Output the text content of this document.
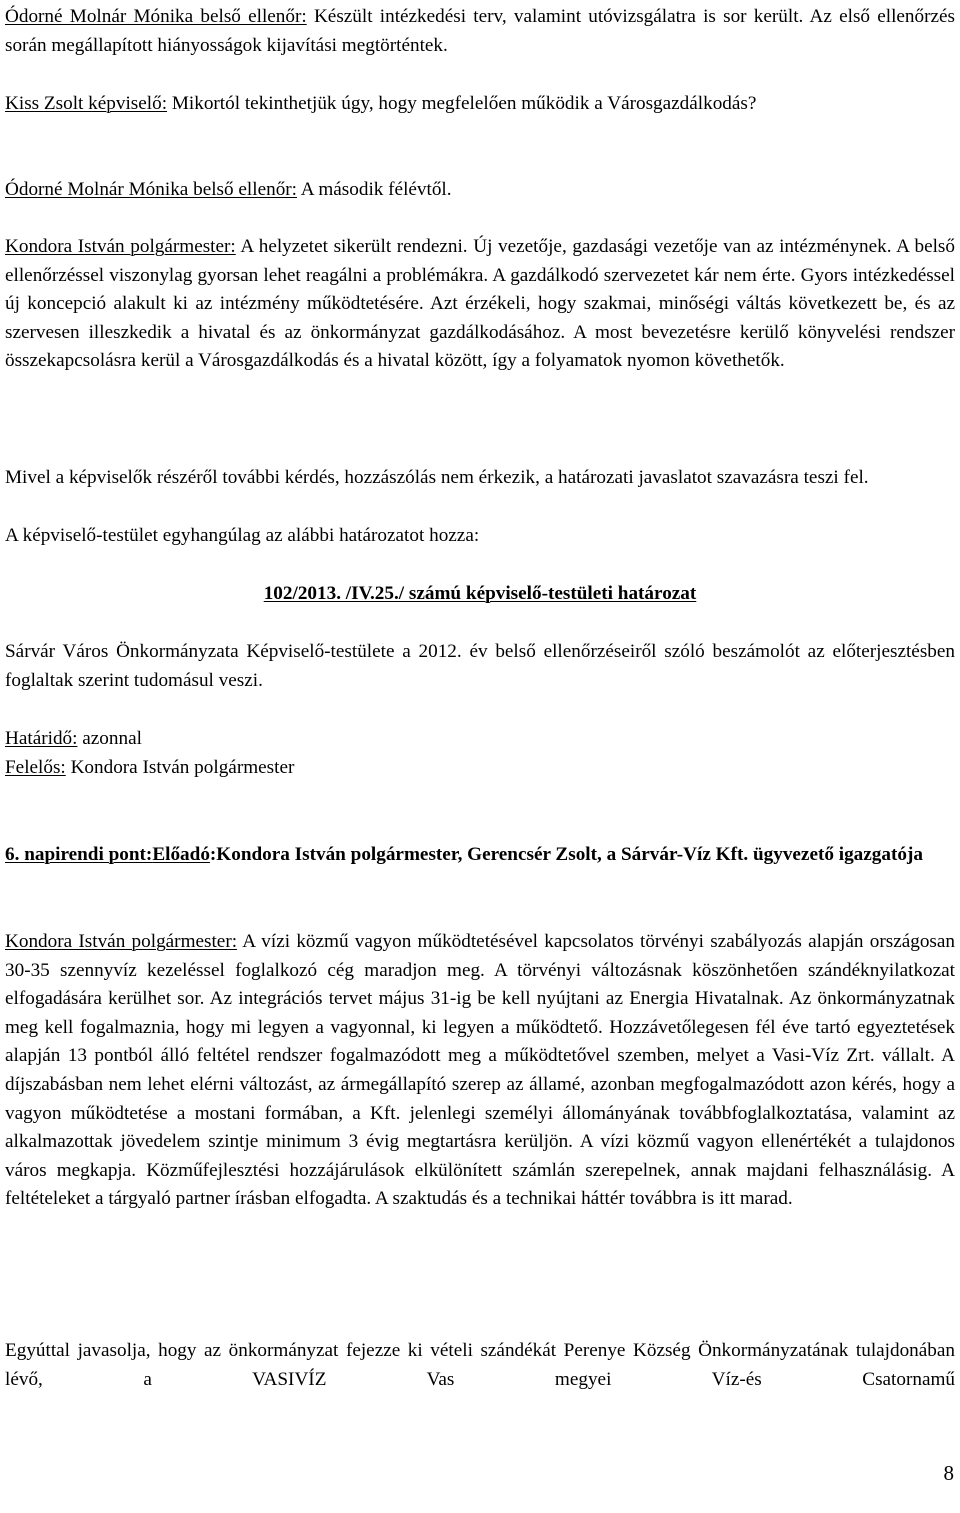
Ódorné Molnár Mónika belső ellenőr: Készült intézkedési terv, valamint utóvizsgálatra is sor került. Az első ellenőrzés során megállapított hiányosságok kijavítási megtörténtek.

Kiss Zsolt képviselő: Mikortól tekinthetjük úgy, hogy megfelelően működik a Városgazdálkodás?

Ódorné Molnár Mónika belső ellenőr: A második félévtől.

Kondora István polgármester: A helyzetet sikerült rendezni. Új vezetője, gazdasági vezetője van az intézménynek. A belső ellenőrzéssel viszonylag gyorsan lehet reagálni a problémákra. A gazdálkodó szervezetet kár nem érte. Gyors intézkedéssel új koncepció alakult ki az intézmény működtetésére. Azt érzékeli, hogy szakmai, minőségi váltás következett be, és az szervesen illeszkedik a hivatal és az önkormányzat gazdálkodásához. A most bevezetésre kerülő könyvelési rendszer összekapcsolásra kerül a Városgazdálkodás és a hivatal között, így a folyamatok nyomon követhetők.

Mivel a képviselők részéről további kérdés, hozzászólás nem érkezik, a határozati javaslatot szavazásra teszi fel.

A képviselő-testület egyhangúlag az alábbi határozatot hozza:

102/2013. /IV.25./ számú képviselő-testületi határozat

Sárvár Város Önkormányzata Képviselő-testülete a 2012. év belső ellenőrzéseiről szóló beszámolót az előterjesztésben foglaltak szerint tudomásul veszi.

Határidő: azonnal

Felelős: Kondora István polgármester

6. napirendi pont:Előadó:Kondora István polgármester, Gerencsér Zsolt, a Sárvár-Víz Kft. ügyvezető igazgatója

Kondora István polgármester: A vízi közmű vagyon működtetésével kapcsolatos törvényi szabályozás alapján országosan 30-35 szennyvíz kezeléssel foglalkozó cég maradjon meg. A törvényi változásnak köszönhetően szándéknyilatkozat elfogadására kerülhet sor. Az integrációs tervet május 31-ig be kell nyújtani az Energia Hivatalnak. Az önkormányzatnak meg kell fogalmaznia, hogy mi legyen a vagyonnal, ki legyen a működtető. Hozzávetőlegesen fél éve tartó egyeztetések alapján 13 pontból álló feltétel rendszer fogalmazódott meg a működtetővel szemben, melyet a Vasi-Víz Zrt. vállalt. A díjszabásban nem lehet elérni változást, az ármegállapító szerep az államé, azonban megfogalmazódott azon kérés, hogy a vagyon működtetése a mostani formában, a Kft. jelenlegi személyi állományának továbbfoglalkoztatása, valamint az alkalmazottak jövedelem szintje minimum 3 évig megtartásra kerüljön. A vízi közmű vagyon ellenértékét a tulajdonos város megkapja. Közműfejlesztési hozzájárulások elkülönített számlán szerepelnek, annak majdani felhasználásig. A feltételeket a tárgyaló partner írásban elfogadta. A szaktudás és a technikai háttér továbbra is itt marad.

Egyúttal javasolja, hogy az önkormányzat fejezze ki vételi szándékát Perenye Község Önkormányzatának tulajdonában lévő, a VASIVÍZ Vas megyei Víz-és Csatornamű

8
